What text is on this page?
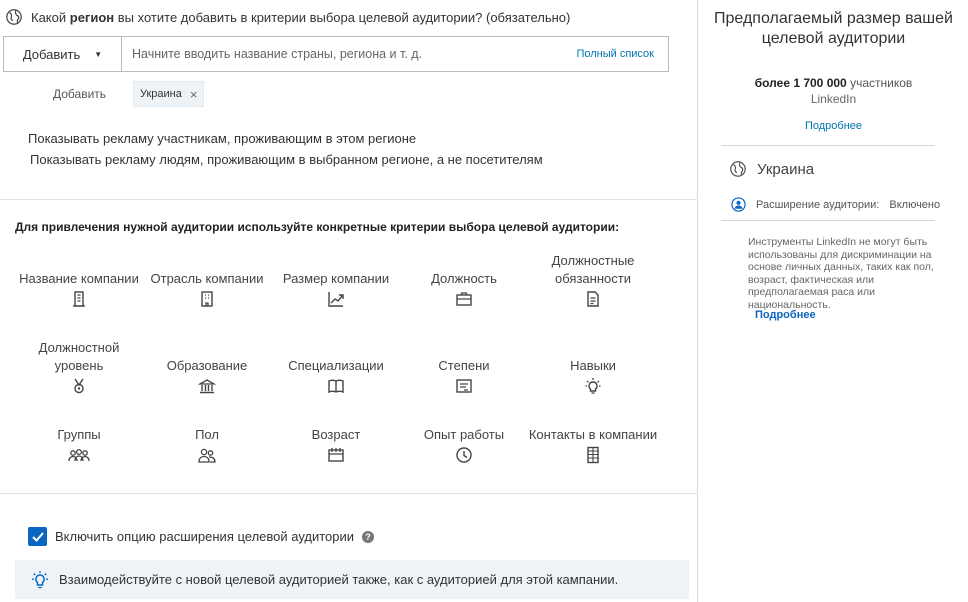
Какой регион вы хотите добавить в критерии выбора целевой аудитории? (обязательно)
Добавить ▼
Начните вводить название страны, региона и т. д.	Полный список
Добавить	Украина ×
Показывать рекламу участникам, проживающим в этом регионе
Показывать рекламу людям, проживающим в выбранном регионе, а не посетителям
Для привлечения нужной аудитории используйте конкретные критерии выбора целевой аудитории:
Название компании Отрасль компании	Размер компании	Должность
Должностные обязанности
Должностной уровень	Образование	Специализации	Степени	Навыки
Группы	Пол	Возраст	Опыт работы	Контакты в компании
Включить опцию расширения целевой аудитории	?
Взаимодействуйте с новой целевой аудиторией также, как с аудиторией для этой кампании.
Предполагаемый размер вашей целевой аудитории
более 1 700 000 участников
LinkedIn
Подробнее
Украина
Расширение аудитории: Включено
Инструменты LinkedIn не могут быть использованы для дискриминации на основе личных данных, таких как пол, возраст, фактическая или предполагаемая раса или национальность.
Подробнее
